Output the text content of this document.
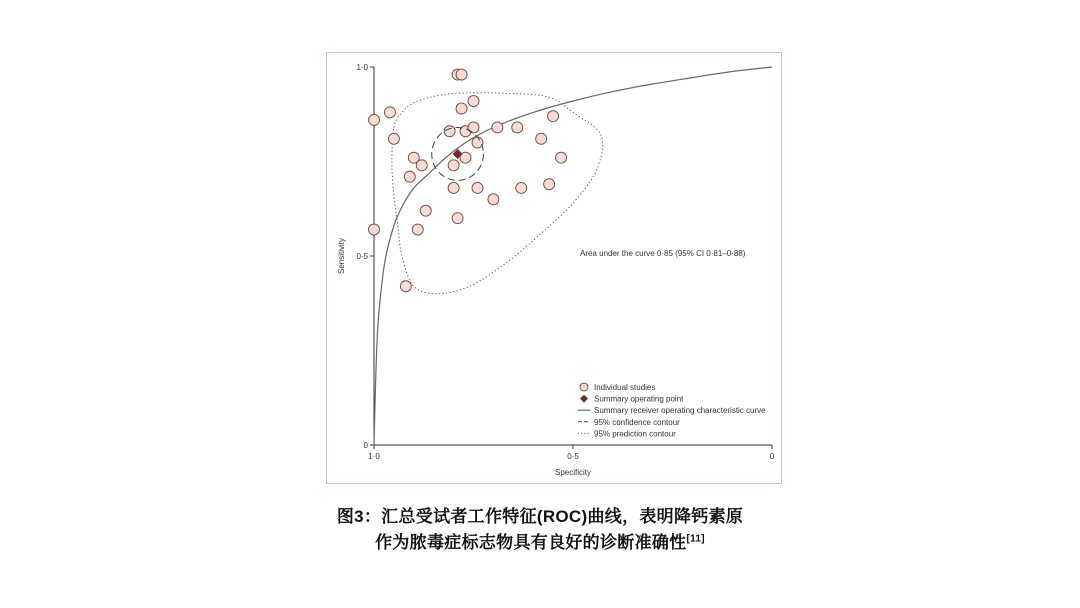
0
0·5
1·0
1·0	0·5	0
Specificity
Sensitivity	Area under the curve 0·85 (95% CI 0·81–0·88)
Individual studies
Summary operating point
Summary receiver operating characteristic curve
95% confidence contour
95% prediction contour
图3：汇总受试者工作特征(ROC)曲线，表明降钙素原
作为脓毒症标志物具有良好的诊断准确性[11]
